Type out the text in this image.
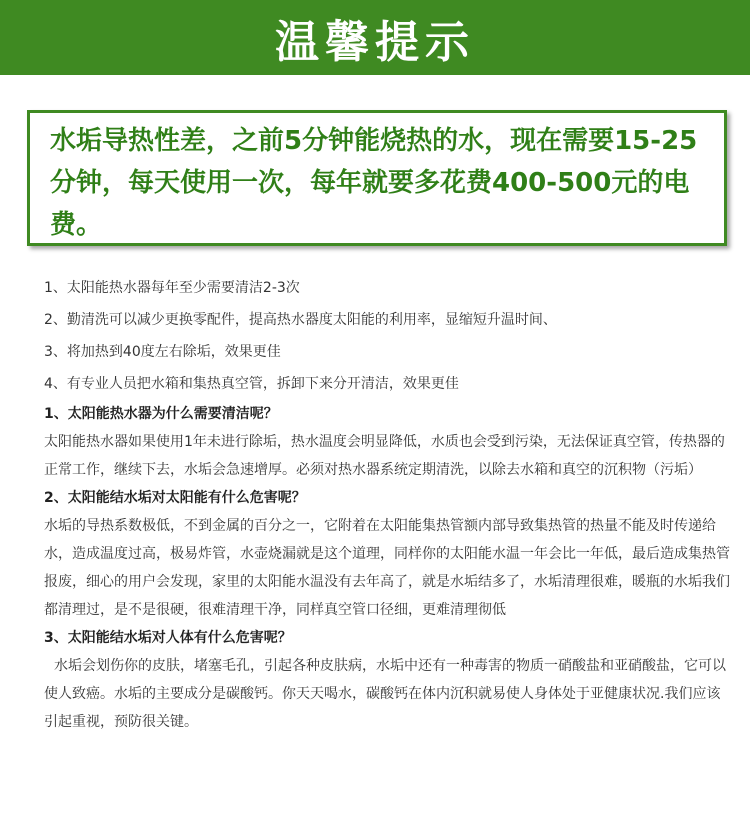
温馨提示
水垢导热性差，之前5分钟能烧热的水，现在需要15-25分钟，每天使用一次，每年就要多花费400-500元的电费。
1、太阳能热水器每年至少需要清洁2-3次
2、勤清洗可以减少更换零配件，提高热水器度太阳能的利用率，显缩短升温时间、
3、将加热到40度左右除垢，效果更佳
4、有专业人员把水箱和集热真空管，拆卸下来分开清洁，效果更佳
1、太阳能热水器为什么需要清洁呢？
太阳能热水器如果使用1年未进行除垢，热水温度会明显降低，水质也会受到污染，无法保证真空管，传热器的正常工作，继续下去，水垢会急速增厚。必须对热水器系统定期清洗，以除去水箱和真空的沉积物（污垢）
2、太阳能结水垢对太阳能有什么危害呢？
水垢的导热系数极低，不到金属的百分之一，它附着在太阳能集热管额内部导致集热管的热量不能及时传递给水，造成温度过高，极易炸管，水壶烧漏就是这个道理，同样你的太阳能水温一年会比一年低，最后造成集热管报废，细心的用户会发现，家里的太阳能水温没有去年高了，就是水垢结多了，水垢清理很难，暖瓶的水垢我们都清理过，是不是很硬，很难清理干净，同样真空管口径细，更难清理彻低
3、太阳能结水垢对人体有什么危害呢？
水垢会划伤你的皮肤，堵塞毛孔，引起各种皮肤病，水垢中还有一种毒害的物质一硝酸盐和亚硝酸盐，它可以使人致癌。水垢的主要成分是碳酸钙。你天天喝水，碳酸钙在体内沉积就易使人身体处于亚健康状况.我们应该引起重视，预防很关键。
